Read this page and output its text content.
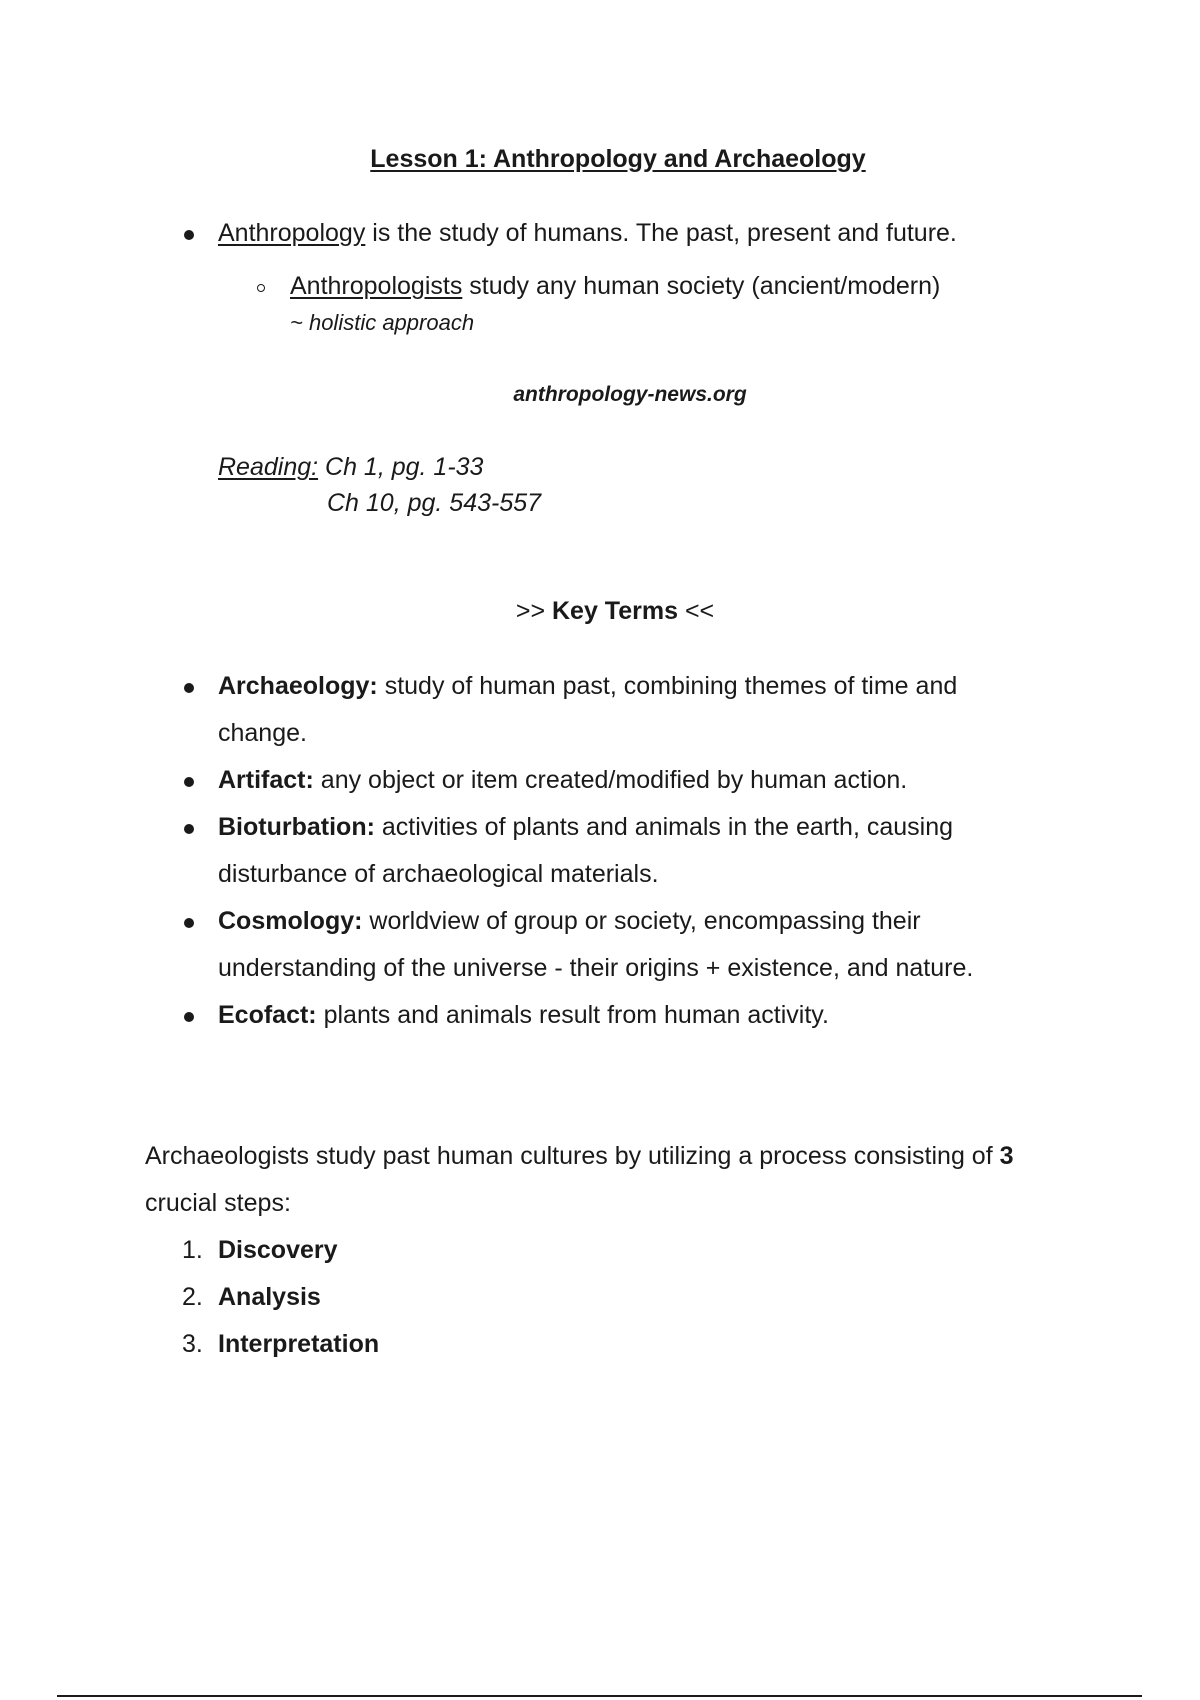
Lesson 1: Anthropology and Archaeology
Anthropology is the study of humans. The past, present and future.
Anthropologists study any human society (ancient/modern)
~ holistic approach
anthropology-news.org
Reading: Ch 1, pg. 1-33
Ch 10, pg. 543-557
>> Key Terms <<
Archaeology: study of human past, combining themes of time and
change.
Artifact: any object or item created/modified by human action.
Bioturbation: activities of plants and animals in the earth, causing
disturbance of archaeological materials.
Cosmology: worldview of group or society, encompassing their
understanding of the universe - their origins + existence, and nature.
Ecofact: plants and animals result from human activity.
Archaeologists study past human cultures by utilizing a process consisting of 3
crucial steps:
1. Discovery
2. Analysis
3. Interpretation
